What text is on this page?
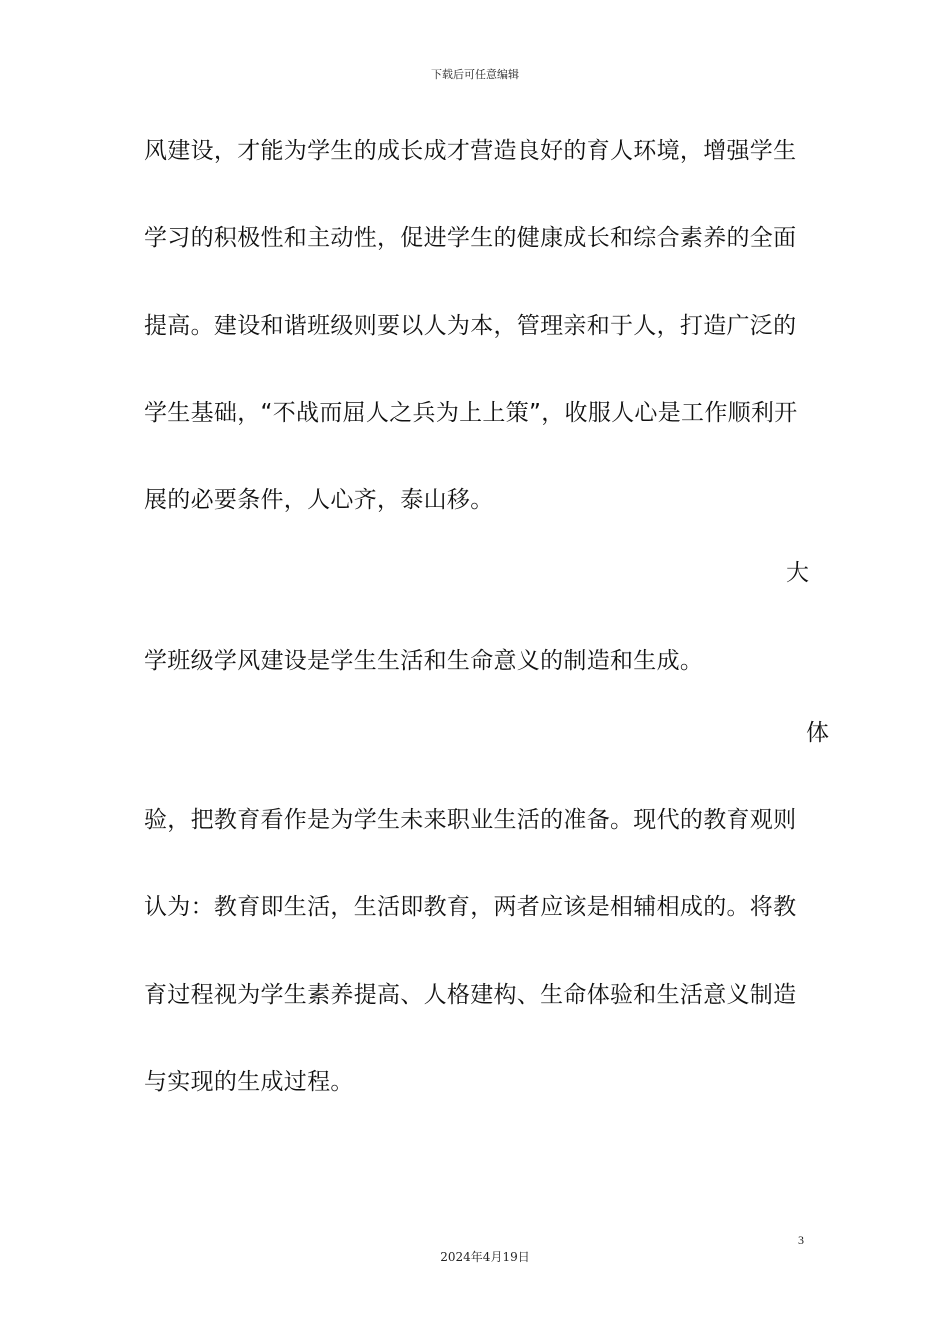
下载后可任意编辑
风建设，才能为学生的成长成才营造良好的育人环境，增强学生
学习的积极性和主动性，促进学生的健康成长和综合素养的全面
提高。建设和谐班级则要以人为本，管理亲和于人，打造广泛的
学生基础，“不战而屈人之兵为上上策”，收服人心是工作顺利开
展的必要条件，人心齐，泰山移。
大
学班级学风建设是学生生活和生命意义的制造和生成。
体
验，把教育看作是为学生未来职业生活的准备。现代的教育观则
认为：教育即生活，生活即教育，两者应该是相辅相成的。将教
育过程视为学生素养提高、人格建构、生命体验和生活意义制造
与实现的生成过程。
3
2024年4月19日
